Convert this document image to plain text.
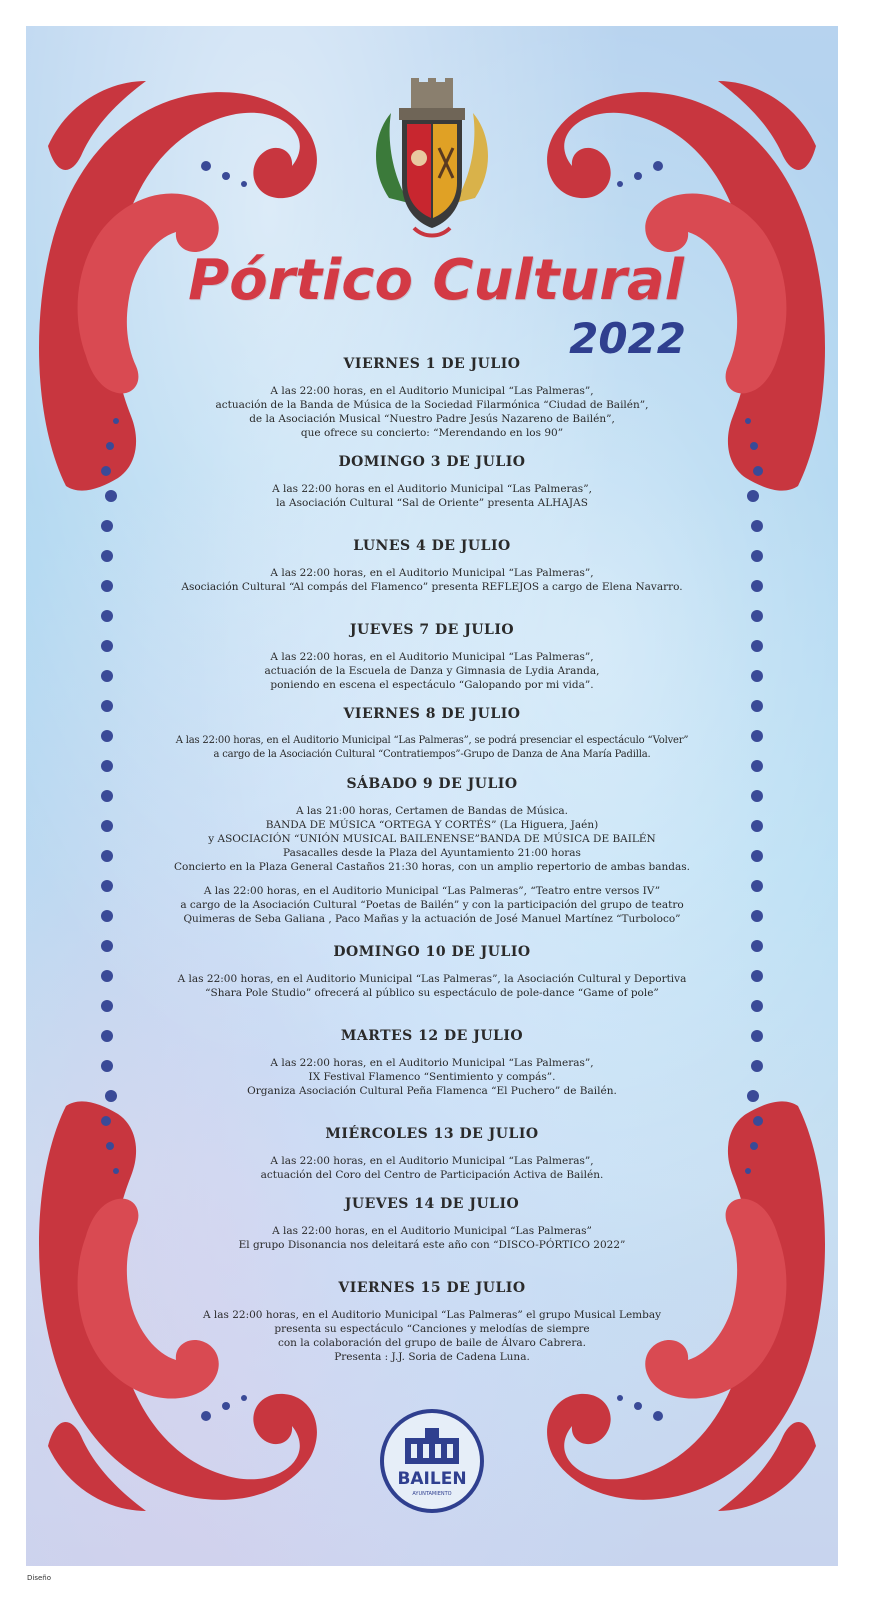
Pórtico Cultural
2022
VIERNES 1 DE JULIO

A las 22:00 horas, en el Auditorio Municipal “Las Palmeras”,

actuación de la Banda de Música de la Sociedad Filarmónica “Ciudad de Bailén”,

de la Asociación Musical “Nuestro Padre Jesús Nazareno de Bailén”,

que ofrece su concierto: “Merendando en los 90”

DOMINGO 3 DE JULIO

A las 22:00 horas en el Auditorio Municipal “Las Palmeras”,

la Asociación Cultural “Sal de Oriente” presenta ALHAJAS

LUNES 4 DE JULIO

A las 22:00 horas, en el Auditorio Municipal “Las Palmeras”,

Asociación Cultural “Al compás del Flamenco” presenta REFLEJOS a cargo de Elena Navarro.

JUEVES 7 DE JULIO

A las 22:00 horas, en el Auditorio Municipal “Las Palmeras”,

actuación de la Escuela de Danza y Gimnasia de Lydia Aranda,

poniendo en escena el espectáculo “Galopando por mi vida”.

VIERNES 8 DE JULIO

A las 22:00 horas, en el Auditorio Municipal “Las Palmeras”, se podrá presenciar el espectáculo “Volver”

a cargo de la Asociación Cultural “Contratiempos”-Grupo de Danza de Ana María Padilla.

SÁBADO 9 DE JULIO

A las 21:00 horas, Certamen de Bandas de Música.

BANDA DE MÚSICA “ORTEGA Y CORTÉS” (La Higuera, Jaén)

y ASOCIACIÓN “UNIÓN MUSICAL BAILENENSE”BANDA DE MÚSICA DE BAILÉN

Pasacalles desde la Plaza del Ayuntamiento 21:00 horas

Concierto en la Plaza General Castaños 21:30 horas, con un amplio repertorio de ambas bandas.

A las 22:00 horas, en el Auditorio Municipal “Las Palmeras”, “Teatro entre versos IV”

a cargo de la Asociación Cultural “Poetas de Bailén” y con la participación del grupo de teatro

Quimeras de Seba Galiana , Paco Mañas y la actuación de José Manuel Martínez “Turboloco”

DOMINGO 10 DE JULIO

A las 22:00 horas, en el Auditorio Municipal “Las Palmeras”, la Asociación Cultural y Deportiva

“Shara Pole Studio” ofrecerá al público su espectáculo de pole-dance “Game of pole”

MARTES 12 DE JULIO

A las 22:00 horas, en el Auditorio Municipal “Las Palmeras”,

IX Festival Flamenco “Sentimiento y compás”.

Organiza Asociación Cultural Peña Flamenca “El Puchero” de Bailén.

MIÉRCOLES 13 DE JULIO

A las 22:00 horas, en el Auditorio Municipal “Las Palmeras”,

actuación del Coro del Centro de Participación Activa de Bailén.

JUEVES 14 DE JULIO

A las 22:00 horas, en el Auditorio Municipal “Las Palmeras”

El grupo Disonancia nos deleitará este año con “DISCO-PÓRTICO 2022”

VIERNES 15 DE JULIO

A las 22:00 horas, en el Auditorio Municipal “Las Palmeras” el grupo Musical Lembay

presenta su espectáculo “Canciones y melodías de siempre

con la colaboración del grupo de baile de Álvaro Cabrera.

Presenta : J.J. Soria de Cadena Luna.

BAILEN
AYUNTAMIENTO
Diseño
